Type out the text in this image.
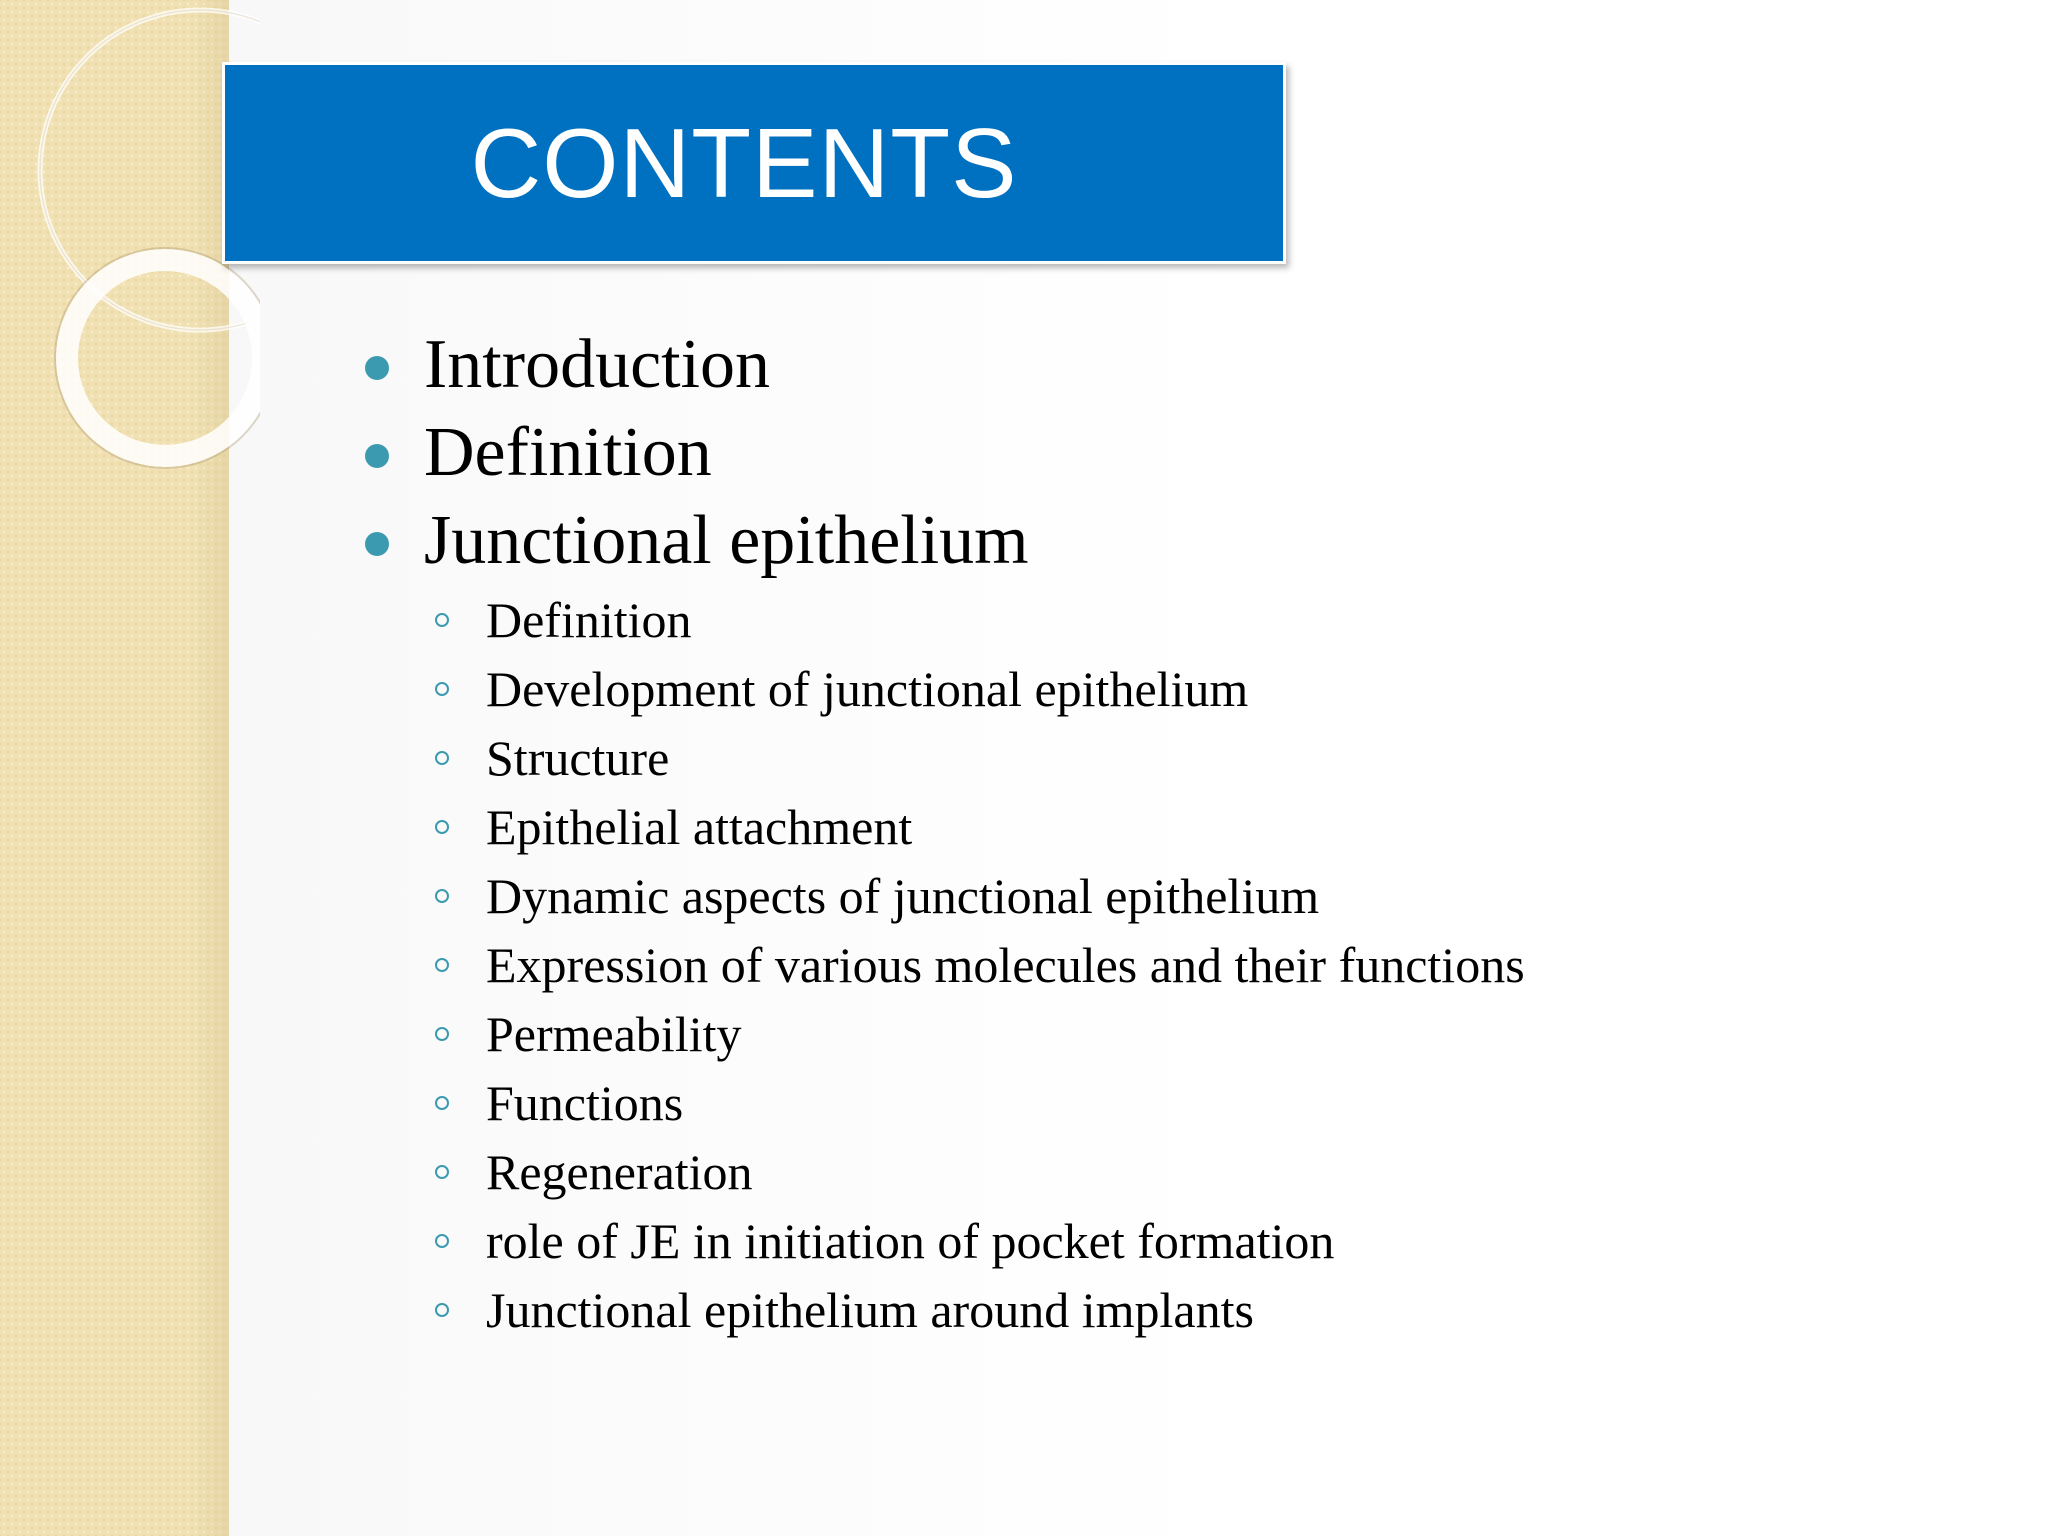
CONTENTS
Introduction
Definition
Junctional epithelium
Definition
Development of junctional epithelium
Structure
Epithelial attachment
Dynamic aspects of junctional epithelium
Expression of various molecules and their functions
Permeability
Functions
Regeneration
role of JE in initiation of pocket formation
Junctional epithelium around implants
